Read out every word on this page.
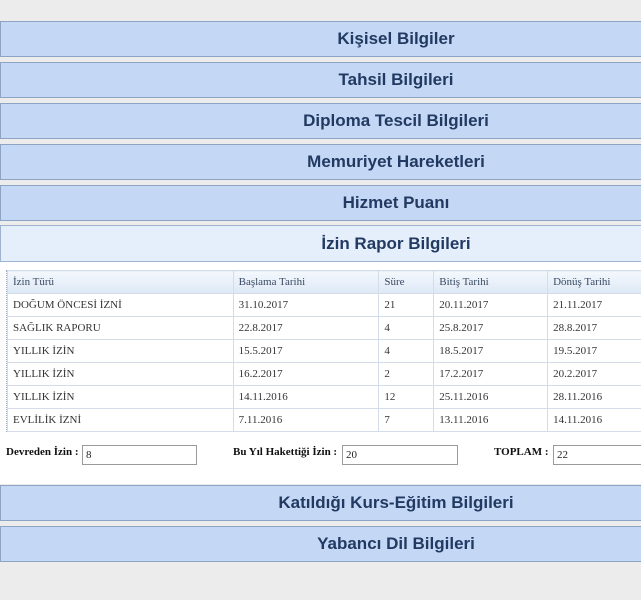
Kişisel Bilgiler
Tahsil Bilgileri
Diploma Tescil Bilgileri
Memuriyet Hareketleri
Hizmet Puanı
İzin Rapor Bilgileri
İzin Türü	Başlama Tarihi	Süre	Bitiş Tarihi	Dönüş Tarihi
DOĞUM ÖNCESİ İZNİ	31.10.2017	21	20.11.2017	21.11.2017
SAĞLIK RAPORU	22.8.2017	4	25.8.2017	28.8.2017
YILLIK İZİN	15.5.2017	4	18.5.2017	19.5.2017
YILLIK İZİN	16.2.2017	2	17.2.2017	20.2.2017
YILLIK İZİN	14.11.2016	12	25.11.2016	28.11.2016
EVLİLİK İZNİ	7.11.2016	7	13.11.2016	14.11.2016
Devreden İzin : 8	Bu Yıl Hakettiği İzin : 20	TOPLAM : 22
Katıldığı Kurs-Eğitim Bilgileri
Yabancı Dil Bilgileri
